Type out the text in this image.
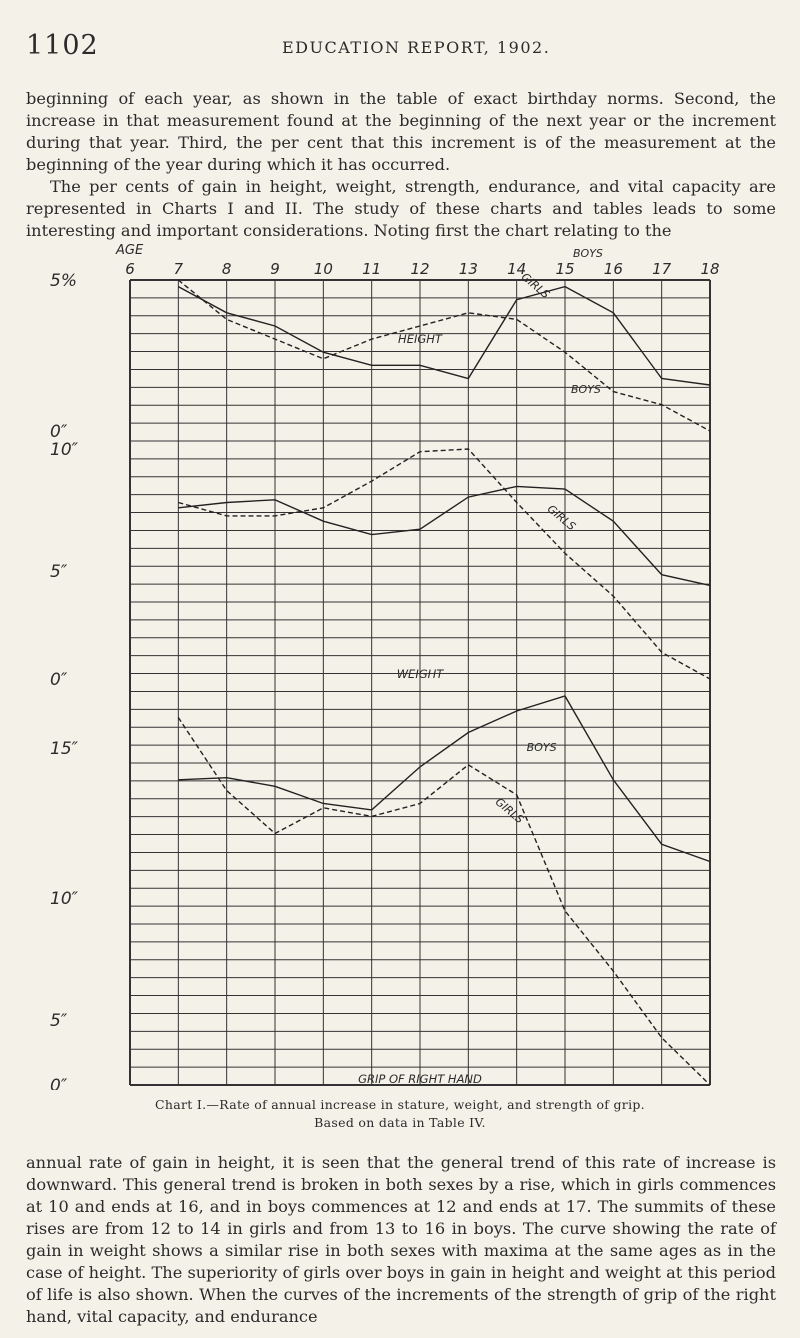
1102	EDUCATION REPORT, 1902.

beginning of each year, as shown in the table of exact birthday norms. Second, the increase in that measurement found at the beginning of the next year or the increment during that year. Third, the per cent that this increment is of the measurement at the beginning of the year during which it has occurred.
The per cents of gain in height, weight, strength, endurance, and vital capacity are represented in Charts I and II. The study of these charts and tables leads to some interesting and important considerations. Noting first the chart relating to the

AGE
6	7	8	9 10 11 12 13 14 15 16 17 18
5%
0″
10″
5″
0″
15″
10″
5″
0″
HEIGHT
WEIGHT
GRIP OF RIGHT HAND
BOYS
GIRLS
BOYS
GIRLS
BOYS
GIRLS

Chart I.—Rate of annual increase in stature, weight, and strength of grip.

Based on data in Table IV.

annual rate of gain in height, it is seen that the general trend of this rate of increase is downward. This general trend is broken in both sexes by a rise, which in girls commences at 10 and ends at 16, and in boys commences at 12 and ends at 17. The summits of these rises are from 12 to 14 in girls and from 13 to 16 in boys. The curve showing the rate of gain in weight shows a similar rise in both sexes with maxima at the same ages as in the case of height. The superiority of girls over boys in gain in height and weight at this period of life is also shown. When the curves of the increments of the strength of grip of the right hand, vital capacity, and endurance
